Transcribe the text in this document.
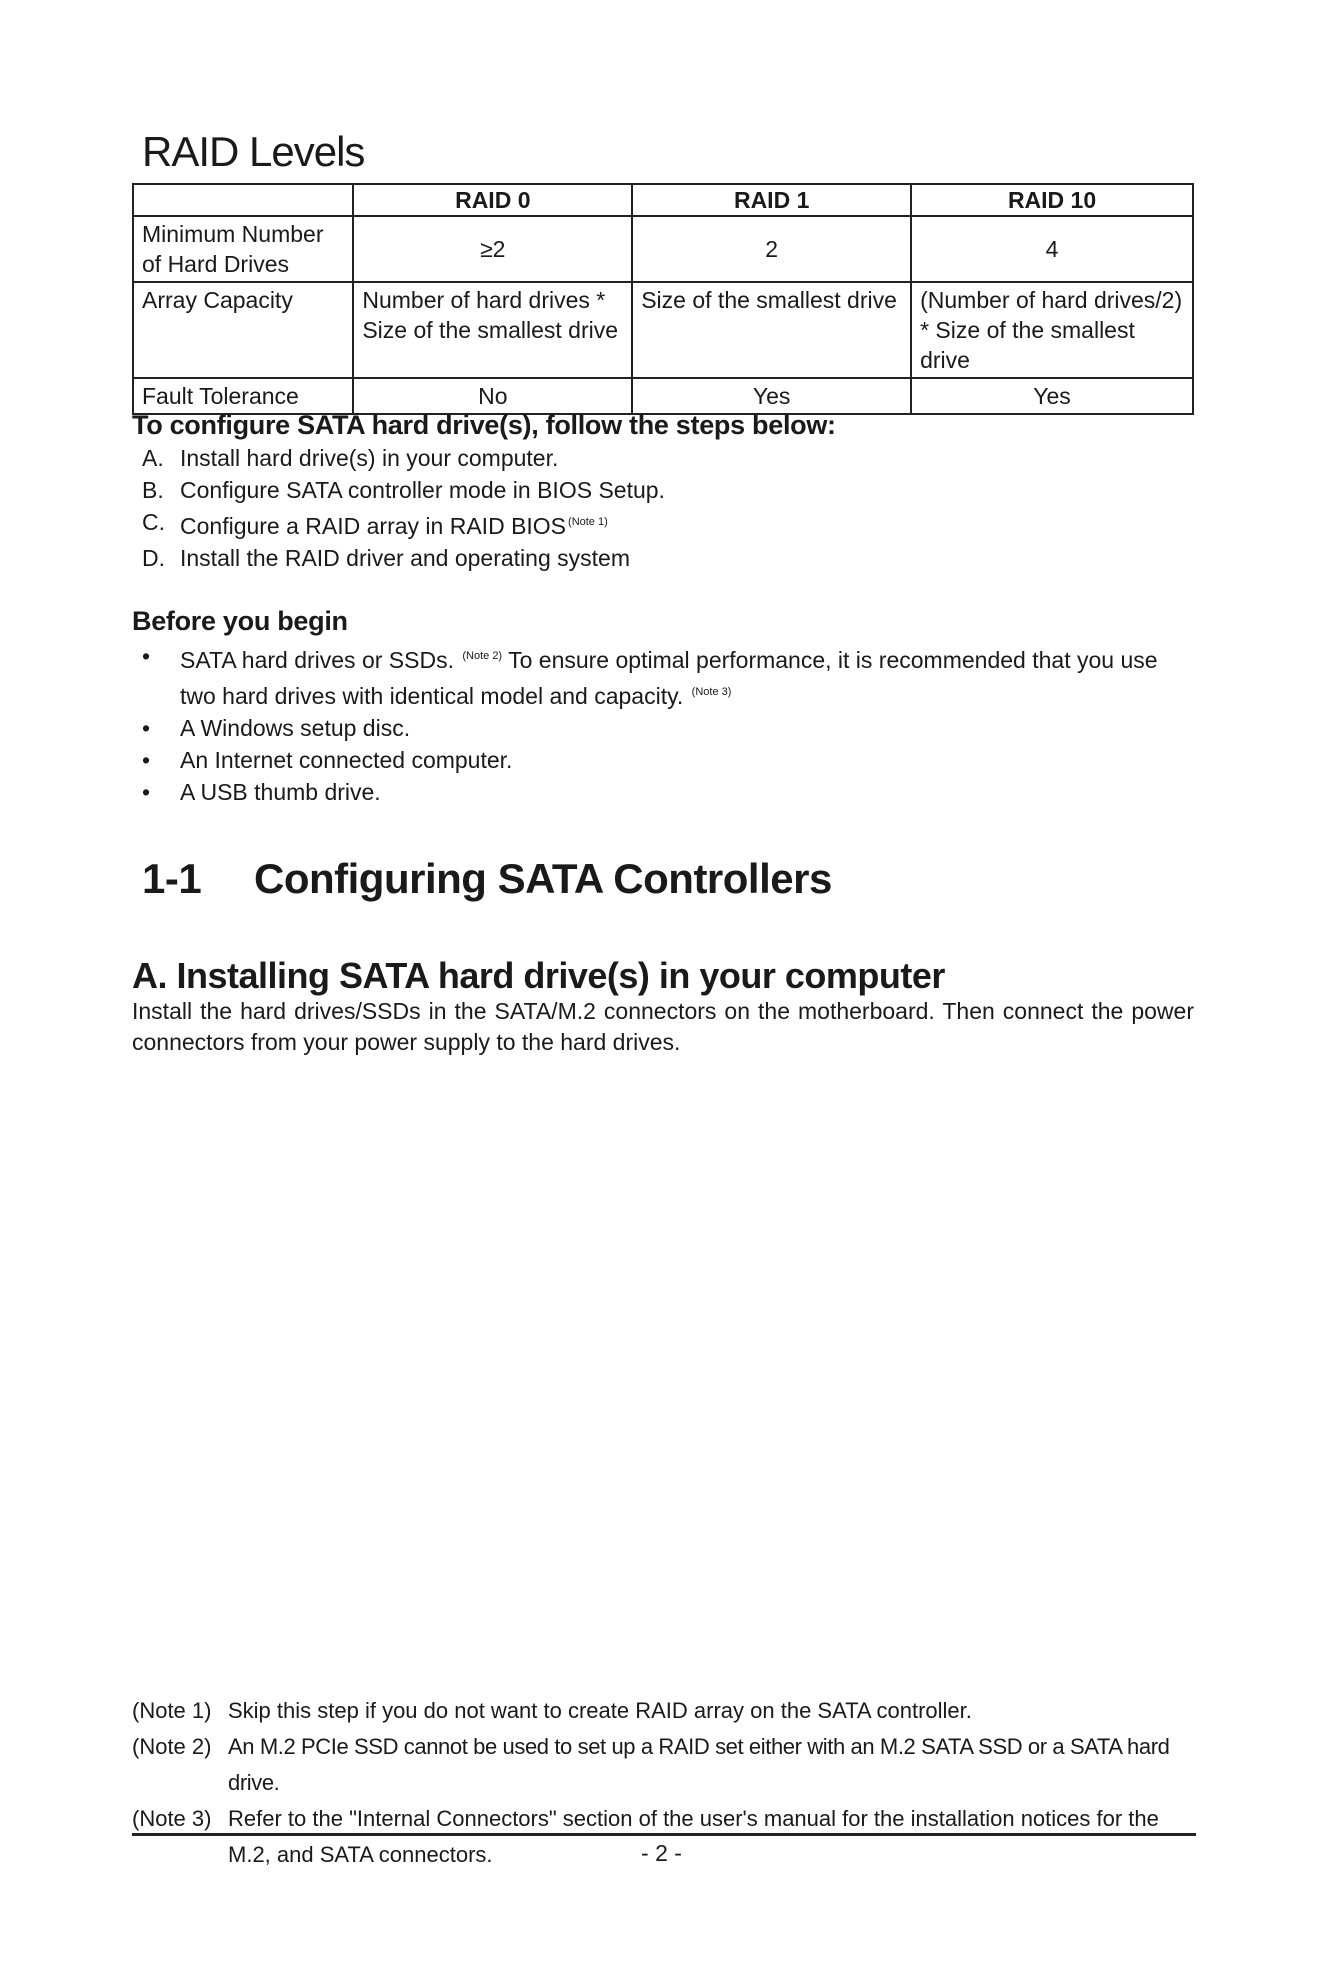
RAID Levels
	RAID 0	RAID 1	RAID 10
Minimum Number of Hard Drives	≥2	2	4
Array Capacity	Number of hard drives * Size of the smallest drive	Size of the smallest drive	(Number of hard drives/2) * Size of the smallest drive
Fault Tolerance	No	Yes	Yes
To configure SATA hard drive(s), follow the steps below:
A. Install hard drive(s) in your computer.
B. Configure SATA controller mode in BIOS Setup.
C. Configure a RAID array in RAID BIOS $^{(Note 1)}$
D. Install the RAID driver and operating system
Before you begin
•	SATA hard drives or SSDs. $^{(Note 2)}$ To ensure optimal performance, it is recommended that you use two hard drives with identical model and capacity. $^{(Note 3)}$
•	A Windows setup disc.
•	An Internet connected computer.
•	A USB thumb drive.
1-1 Configuring SATA Controllers
A. Installing SATA hard drive(s) in your computer

Install the hard drives/SSDs in the SATA/M.2 connectors on the motherboard. Then connect the power connectors from your power supply to the hard drives.

(Note 1) Skip this step if you do not want to create RAID array on the SATA controller.
(Note 2) An M.2 PCIe SSD cannot be used to set up a RAID set either with an M.2 SATA SSD or a SATA hard drive.
(Note 3) Refer to the "Internal Connectors" section of the user's manual for the installation notices for the M.2, and SATA connectors.	- 2 -
